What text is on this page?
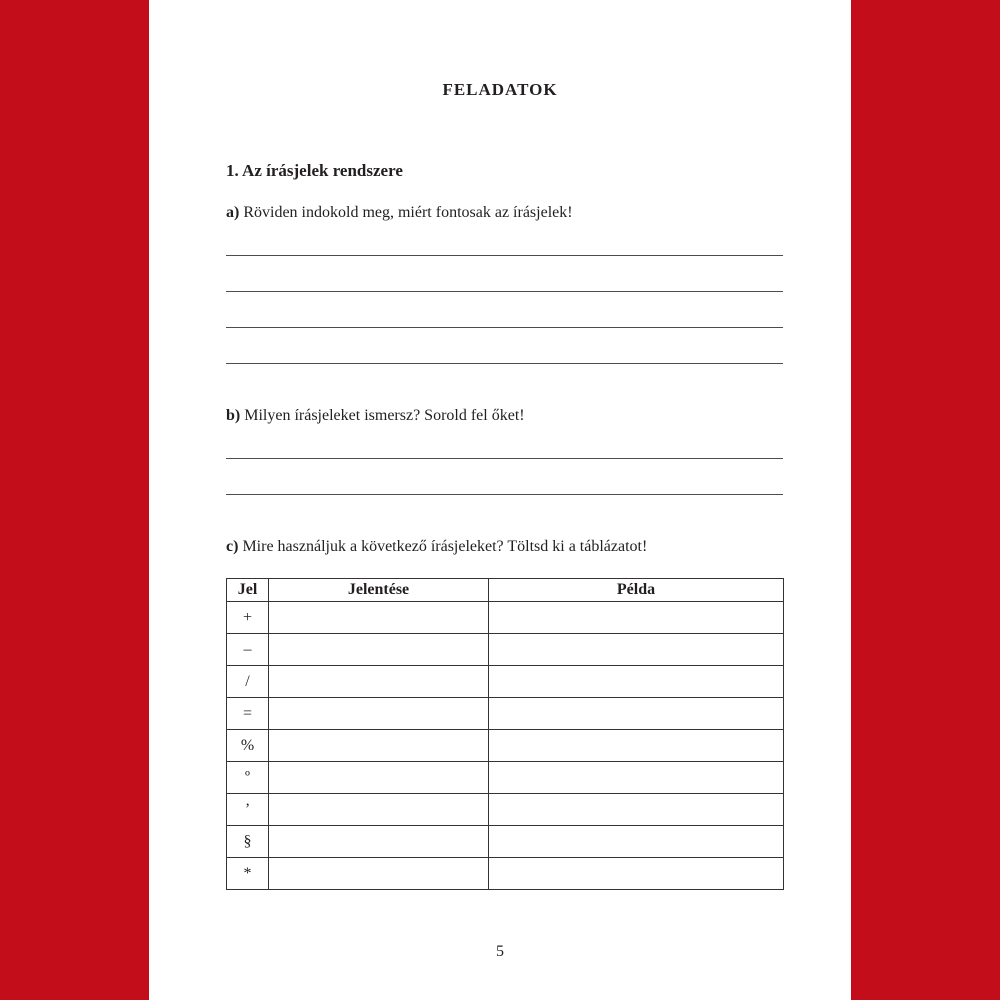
FELADATOK
1. Az írásjelek rendszere
a) Röviden indokold meg, miért fontosak az írásjelek!
b) Milyen írásjeleket ismersz? Sorold fel őket!
c) Mire használjuk a következő írásjeleket? Töltsd ki a táblázatot!
Jel	Jelentése	Példa
+		
–		
/		
=		
%		
º		
’		
§		
*		
5
